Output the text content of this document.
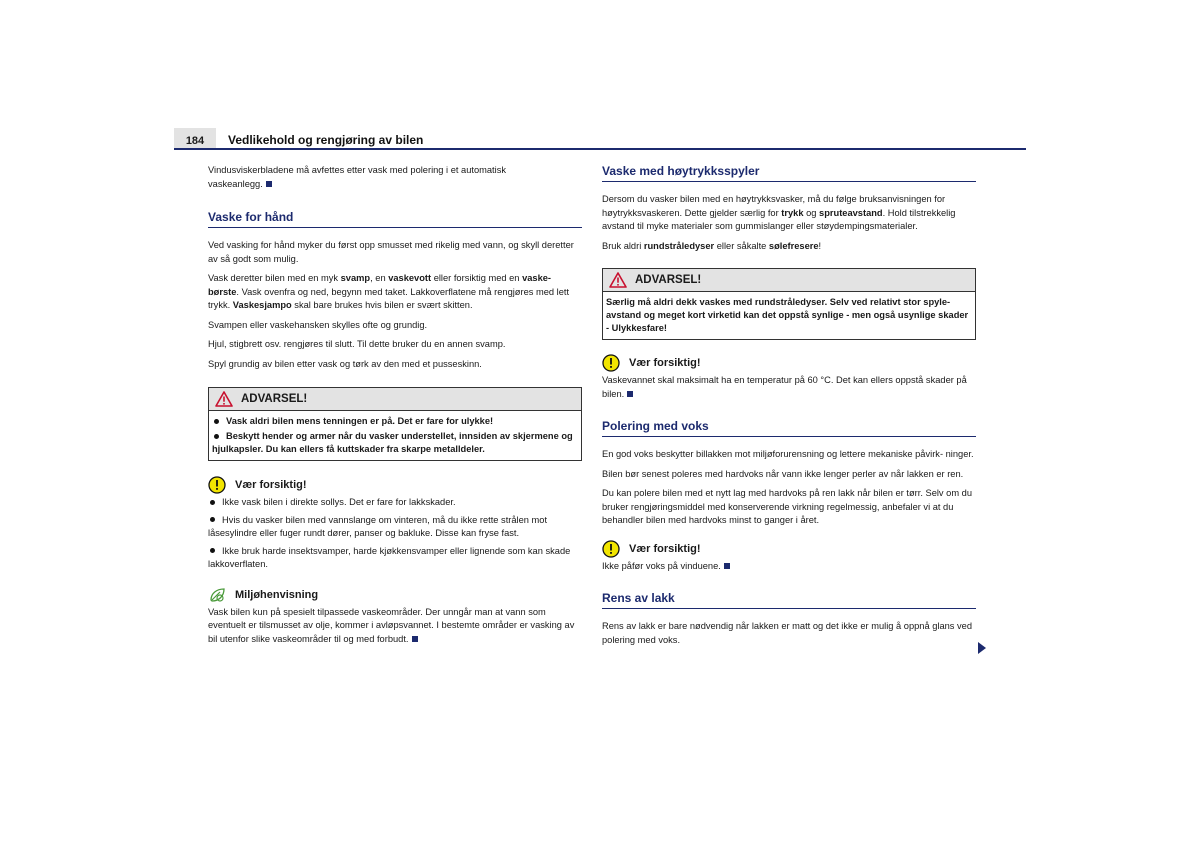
184	Vedlikehold og rengjøring av bilen

Vindusviskerbladene må avfettes etter vask med polering i et automatisk
vaskeanlegg.

Vaske for hånd

Ved vasking for hånd myker du først opp smusset med rikelig med vann, og skyll deretter av så godt som mulig.

Vask deretter bilen med en myk svamp, en vaskevott eller forsiktig med en vaske-
børste. Vask ovenfra og ned, begynn med taket. Lakkoverflatene må rengjøres med lett trykk. Vaskesjampo skal bare brukes hvis bilen er svært skitten.

Svampen eller vaskehansken skylles ofte og grundig.

Hjul, stigbrett osv. rengjøres til slutt. Til dette bruker du en annen svamp.

Spyl grundig av bilen etter vask og tørk av den med et pusseskinn.

ADVARSEL!
Vask aldri bilen mens tenningen er på. Det er fare for ulykke!
Beskytt hender og armer når du vasker understellet, innsiden av skjermene og hjulkapsler. Du kan ellers få kuttskader fra skarpe metalldeler.
Vær forsiktig!
Ikke vask bilen i direkte sollys. Det er fare for lakkskader.
Hvis du vasker bilen med vannslange om vinteren, må du ikke rette strålen mot låsesylindre eller fuger rundt dører, panser og bakluke. Disse kan fryse fast.
Ikke bruk harde insektsvamper, harde kjøkkensvamper eller lignende som kan skade lakkoverflaten.
Miljøhenvisning

Vask bilen kun på spesielt tilpassede vaskeområder. Der unngår man at vann som eventuelt er tilsmusset av olje, kommer i avløpsvannet. I bestemte områder er vasking av bil utenfor slike vaskeområder til og med forbudt.

Vaske med høytrykksspyler

Dersom du vasker bilen med en høytrykksvasker, må du følge bruksanvisningen for høytrykksvaskeren. Dette gjelder særlig for trykk og spruteavstand. Hold tilstrekkelig avstand til myke materialer som gummislanger eller støydempingsmaterialer.

Bruk aldri rundstråledyser eller såkalte sølefresere!

ADVARSEL!
Særlig må aldri dekk vaskes med rundstråledyser. Selv ved relativt stor spyle- avstand og meget kort virketid kan det oppstå synlige - men også usynlige skader - Ulykkesfare!
Vær forsiktig!

Vaskevannet skal maksimalt ha en temperatur på 60 °C. Det kan ellers oppstå skader på bilen.

Polering med voks

En god voks beskytter billakken mot miljøforurensning og lettere mekaniske påvirk- ninger.

Bilen bør senest poleres med hardvoks når vann ikke lenger perler av når lakken er ren.

Du kan polere bilen med et nytt lag med hardvoks på ren lakk når bilen er tørr. Selv om du bruker rengjøringsmiddel med konserverende virkning regelmessig, anbefaler vi at du behandler bilen med hardvoks minst to ganger i året.

Vær forsiktig!

Ikke påfør voks på vinduene.

Rens av lakk

Rens av lakk er bare nødvendig når lakken er matt og det ikke er mulig å oppnå glans ved polering med voks.
